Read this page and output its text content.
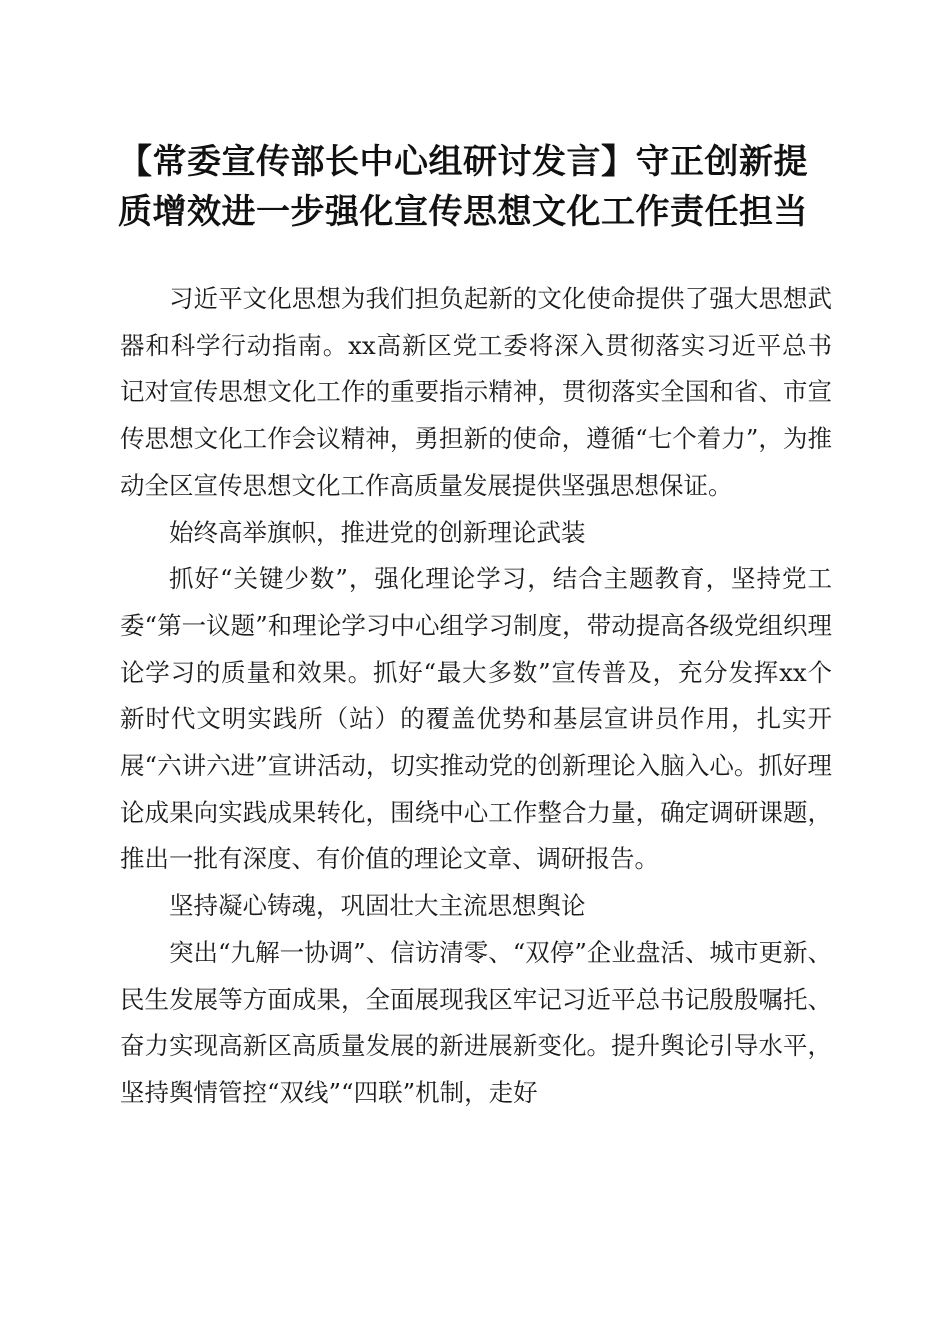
【常委宣传部长中心组研讨发言】守正创新提质增效进一步强化宣传思想文化工作责任担当

习近平文化思想为我们担负起新的文化使命提供了强大思想武器和科学行动指南。xx高新区党工委将深入贯彻落实习近平总书记对宣传思想文化工作的重要指示精神，贯彻落实全国和省、市宣传思想文化工作会议精神，勇担新的使命，遵循“七个着力”，为推动全区宣传思想文化工作高质量发展提供坚强思想保证。

始终高举旗帜，推进党的创新理论武装

抓好“关键少数”，强化理论学习，结合主题教育，坚持党工委“第一议题”和理论学习中心组学习制度，带动提高各级党组织理论学习的质量和效果。抓好“最大多数”宣传普及，充分发挥xx个新时代文明实践所（站）的覆盖优势和基层宣讲员作用，扎实开展“六讲六进”宣讲活动，切实推动党的创新理论入脑入心。抓好理论成果向实践成果转化，围绕中心工作整合力量，确定调研课题，推出一批有深度、有价值的理论文章、调研报告。

坚持凝心铸魂，巩固壮大主流思想舆论

突出“九解一协调”、信访清零、“双停”企业盘活、城市更新、民生发展等方面成果，全面展现我区牢记习近平总书记殷殷嘱托、奋力实现高新区高质量发展的新进展新变化。提升舆论引导水平，坚持舆情管控“双线”“四联”机制，走好
